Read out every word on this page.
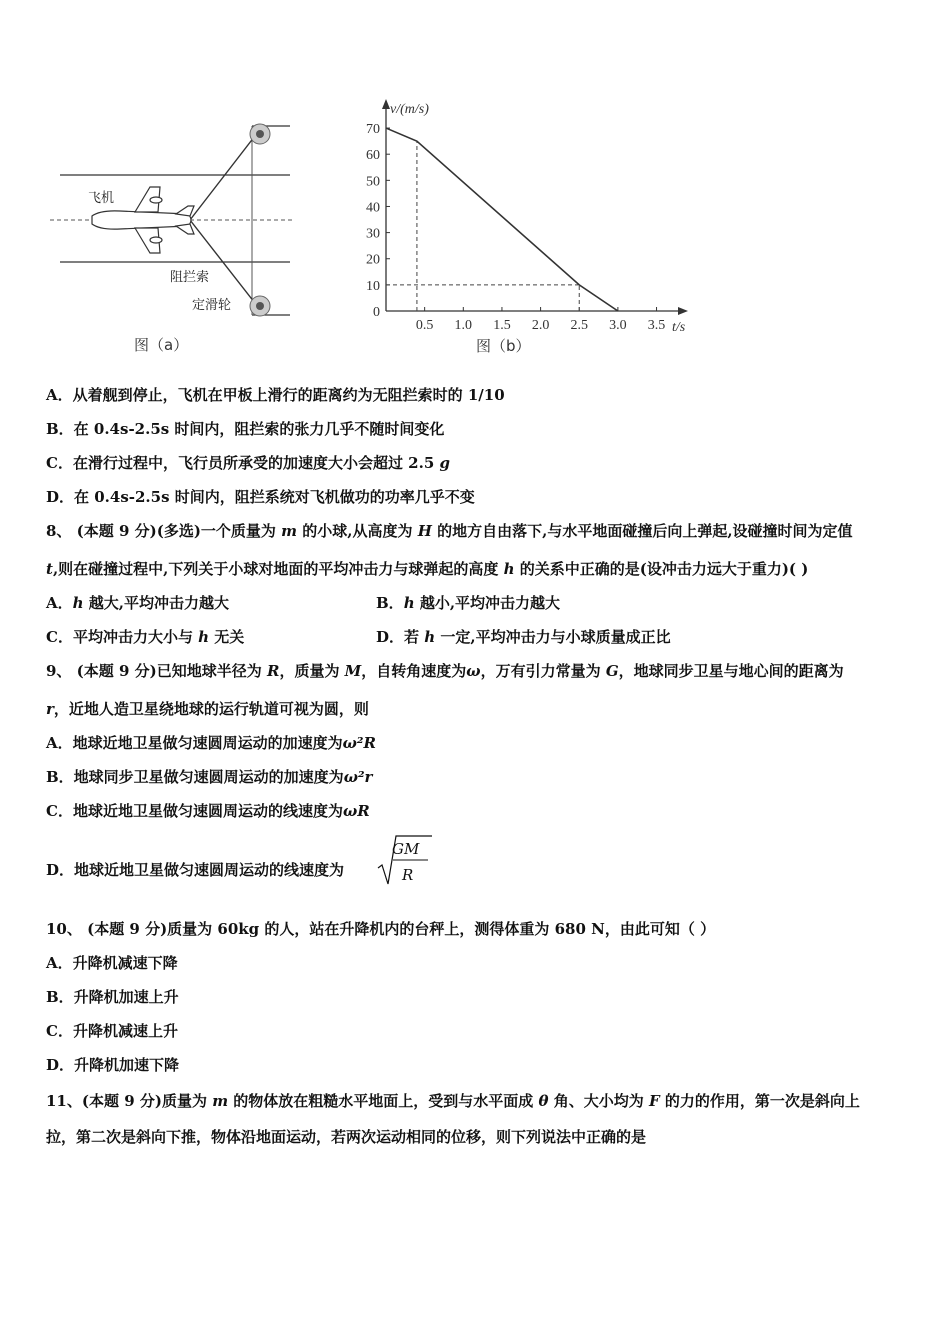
飞机
阻拦索
定滑轮
图（a）
0
10
20
30
40
50
60
70
0.5 1.0 1.5 2.0 2.5 3.0 3.5
v/(m/s)
t/s
图（b）
A．从着舰到停止，飞机在甲板上滑行的距离约为无阻拦索时的 1/10
B．在 0.4s-2.5s 时间内，阻拦索的张力几乎不随时间变化
C．在滑行过程中，飞行员所承受的加速度大小会超过 2.5 g
D．在 0.4s-2.5s 时间内，阻拦系统对飞机做功的功率几乎不变
8、 (本题 9 分)(多选)一个质量为 m 的小球,从高度为 H 的地方自由落下,与水平地面碰撞后向上弹起,设碰撞时间为定值
t,则在碰撞过程中,下列关于小球对地面的平均冲击力与球弹起的高度 h 的关系中正确的是(设冲击力远大于重力)( )
A．h 越大,平均冲击力越大	B．h 越小,平均冲击力越大
C．平均冲击力大小与 h 无关	D．若 h 一定,平均冲击力与小球质量成正比
9、 (本题 9 分)已知地球半径为 R，质量为 M，自转角速度为ω，万有引力常量为 G，地球同步卫星与地心间的距离为
r，近地人造卫星绕地球的运行轨道可视为圆，则
A．地球近地卫星做匀速圆周运动的加速度为ω²R
B．地球同步卫星做匀速圆周运动的加速度为ω²r
C．地球近地卫星做匀速圆周运动的线速度为ωR
D．地球近地卫星做匀速圆周运动的线速度为
GM
R
10、 (本题 9 分)质量为 60kg 的人，站在升降机内的台秤上，测得体重为 680 N，由此可知（ ）
A．升降机减速下降
B．升降机加速上升
C．升降机减速上升
D．升降机加速下降
11、(本题 9 分)质量为 m 的物体放在粗糙水平地面上，受到与水平面成 θ 角、大小均为 F 的力的作用，第一次是斜向上
拉，第二次是斜向下推，物体沿地面运动，若两次运动相同的位移，则下列说法中正确的是
